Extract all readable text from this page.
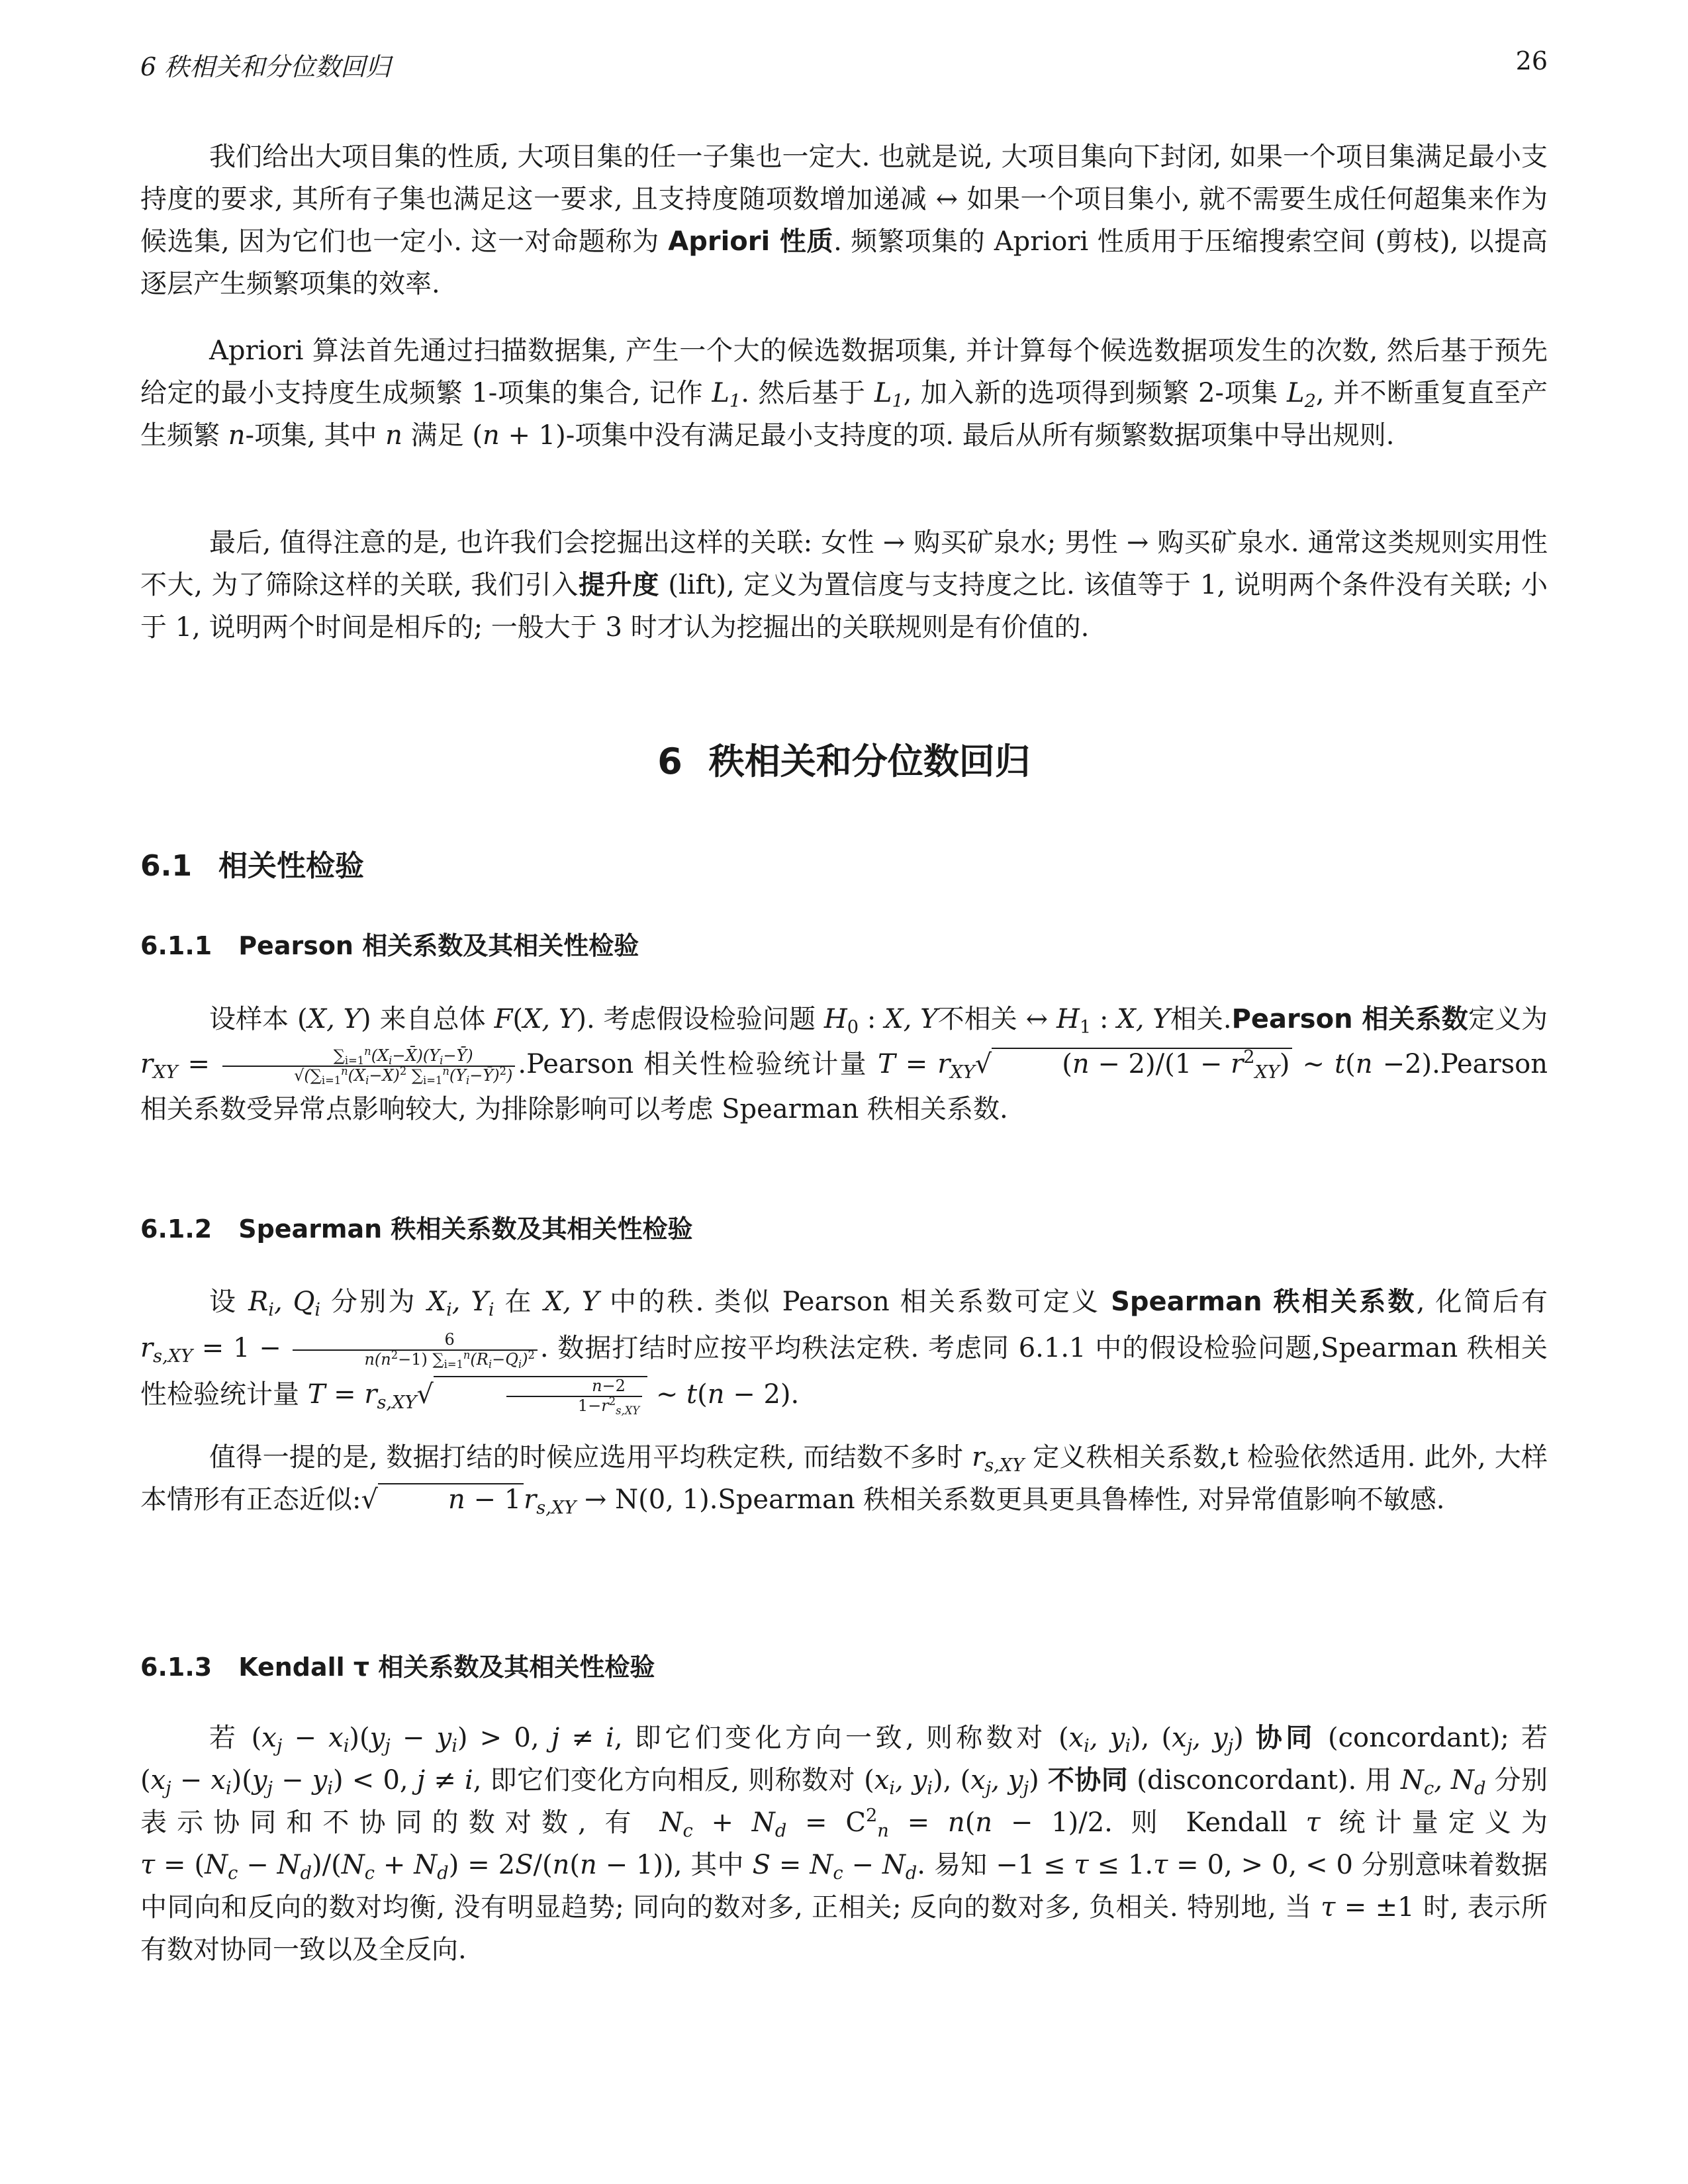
6 秩相关和分位数回归	26

我们给出大项目集的性质, 大项目集的任一子集也一定大. 也就是说, 大项目集向下封闭, 如果一个项目集满足最小支持度的要求, 其所有子集也满足这一要求, 且支持度随项数增加递减 ↔ 如果一个项目集小, 就不需要生成任何超集来作为候选集, 因为它们也一定小. 这一对命题称为 Apriori 性质. 频繁项集的 Apriori 性质用于压缩搜索空间 (剪枝), 以提高逐层产生频繁项集的效率.

Apriori 算法首先通过扫描数据集, 产生一个大的候选数据项集, 并计算每个候选数据项发生的次数, 然后基于预先给定的最小支持度生成频繁 1-项集的集合, 记作 $L_1$. 然后基于 $L_1$, 加入新的选项得到频繁 2-项集 $L_2$, 并不断重复直至产生频繁 n-项集, 其中 n 满足 (n + 1)-项集中没有满足最小支持度的项. 最后从所有频繁数据项集中导出规则.

最后, 值得注意的是, 也许我们会挖掘出这样的关联: 女性 → 购买矿泉水; 男性 → 购买矿泉水. 通常这类规则实用性不大, 为了筛除这样的关联, 我们引入提升度 (lift), 定义为置信度与支持度之比. 该值等于 1, 说明两个条件没有关联; 小于 1, 说明两个时间是相斥的; 一般大于 3 时才认为挖掘出的关联规则是有价值的.

6 秩相关和分位数回归
6.1 相关性检验
6.1.1 Pearson 相关系数及其相关性检验

设样本 (X, Y) 来自总体 F(X, Y). 考虑假设检验问题 $H_0$ : X, Y不相关 ↔ $H_1$ : X, Y相关.Pearson 相关系数定义为 $r_{XY} = \frac{\sum_{i=1}^n(X_i-X̄)(Y_i-Ȳ)}{√(\sum_{i=1}^n(X_i-X̄)^2 \sum_{i=1}^n(Y_i-Ȳ)^2)}$ .Pearson 相关性检验统计量 $T = r_{XY}√$	$(n - 2)/(1 - r^2_{XY})$ ∼ t(n −2).Pearson 相关系数受异常点影响较大, 为排除影响可以考虑 Spearman 秩相关系数.

6.1.2 Spearman 秩相关系数及其相关性检验

设 $R_i$, $Q_i$ 分别为 $X_i$, $Y_i$ 在 X, Y 中的秩. 类似 Pearson 相关系数可定义 Spearman 秩相关系数, 化简后有 $r_{s,XY} = 1 - \frac{6}{n(n^2-1) \sum_{i=1}^n(R_i-Q_i)^2}$ . 数据打结时应按平均秩法定秩. 考虑同 6.1.1 中的假设检验问题,Spearman 秩相关性检验统计量 $T = r_{s,XY}√$	$\frac{n-2}{1-r^2_{s,XY}}$ ∼ t(n − 2).

值得一提的是, 数据打结的时候应选用平均秩定秩, 而结数不多时 $r_{s,XY}$ 定义秩相关系数,t 检验依然适用. 此外, 大样本情形有正态近似:√	n − 1 $r_{s,XY} \to N(0$, 1).Spearman 秩相关系数更具更具鲁棒性, 对异常值影响不敏感.

6.1.3 Kendall τ 相关系数及其相关性检验

若 $(x_j - x_i)(y_j - y_i) > 0$, j ≠ i, 即它们变化方向一致, 则称数对 ($x_i$, $y_i$), ($x_j$, $y_j$) 协同 (concordant); 若 $(x_j - x_i)(y_j - y_i) < 0$, j ≠ i, 即它们变化方向相反, 则称数对 ($x_i$, $y_i$), ($x_j$, $y_j$) 不协同 (disconcordant). 用 $N_c$, $N_d$ 分别表示协同和不协同的数对数, 有 $N_c + N_d = C^2_n = n(n - 1)/2$. 则 Kendall τ 统计量定义为 $\tau = (N_c - N_d)/(N_c + N_d) = 2S/(n(n - 1))$, 其中 $S = N_c - N_d$. 易知 −1 ≤ τ ≤ 1.τ = 0, > 0, < 0 分别意味着数据中同向和反向的数对均衡, 没有明显趋势; 同向的数对多, 正相关; 反向的数对多, 负相关. 特别地, 当 τ = ±1 时, 表示所有数对协同一致以及全反向.
